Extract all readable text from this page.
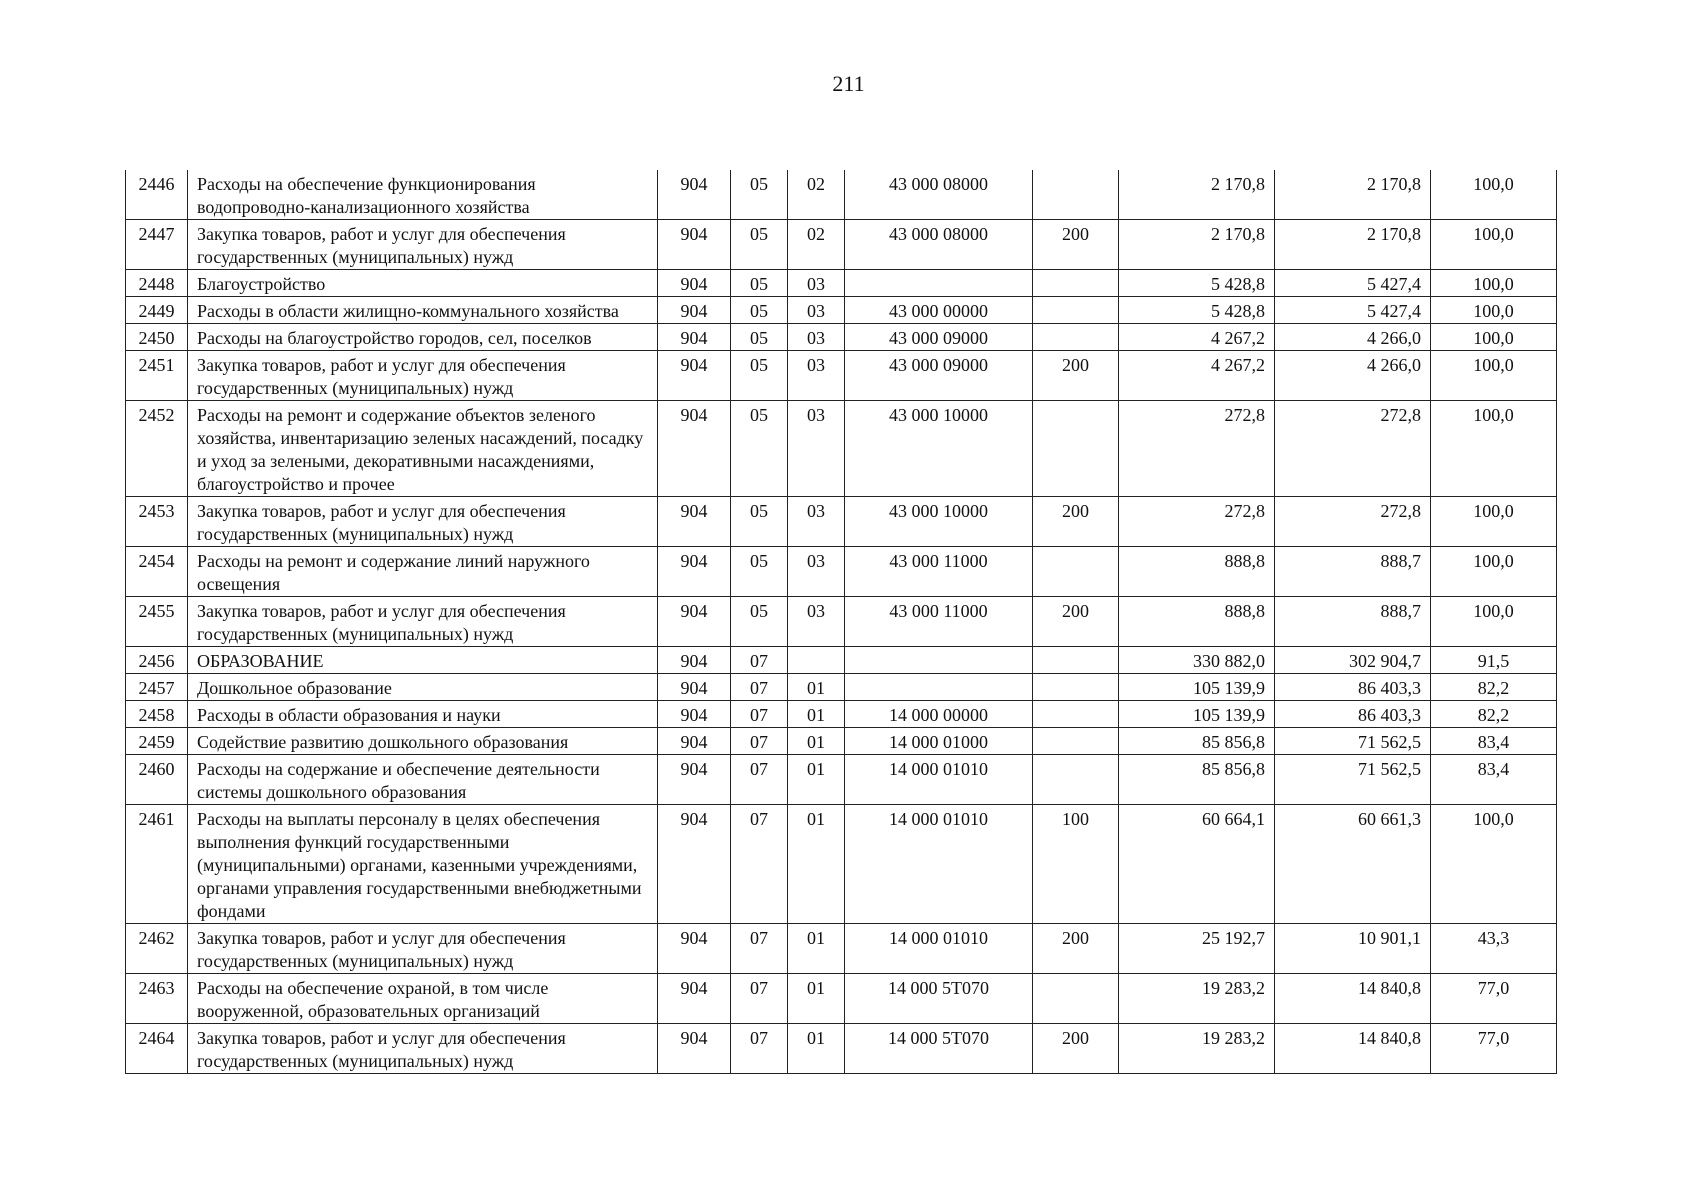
211
2446	Расходы на обеспечение функционирования водопроводно-канализационного хозяйства	904	05	02	43 000 08000		2 170,8	2 170,8	100,0
2447	Закупка товаров, работ и услуг для обеспечения государственных (муниципальных) нужд	904	05	02	43 000 08000	200	2 170,8	2 170,8	100,0
2448	Благоустройство	904	05	03			5 428,8	5 427,4	100,0
2449	Расходы в области жилищно-коммунального хозяйства	904	05	03	43 000 00000		5 428,8	5 427,4	100,0
2450	Расходы на благоустройство городов, сел, поселков	904	05	03	43 000 09000		4 267,2	4 266,0	100,0
2451	Закупка товаров, работ и услуг для обеспечения государственных (муниципальных) нужд	904	05	03	43 000 09000	200	4 267,2	4 266,0	100,0
2452	Расходы на ремонт и содержание объектов зеленого хозяйства, инвентаризацию зеленых насаждений, посадку и уход за зелеными, декоративными насаждениями, благоустройство и прочее	904	05	03	43 000 10000		272,8	272,8	100,0
2453	Закупка товаров, работ и услуг для обеспечения государственных (муниципальных) нужд	904	05	03	43 000 10000	200	272,8	272,8	100,0
2454	Расходы на ремонт и содержание линий наружного освещения	904	05	03	43 000 11000		888,8	888,7	100,0
2455	Закупка товаров, работ и услуг для обеспечения государственных (муниципальных) нужд	904	05	03	43 000 11000	200	888,8	888,7	100,0
2456	ОБРАЗОВАНИЕ	904	07				330 882,0	302 904,7	91,5
2457	Дошкольное образование	904	07	01			105 139,9	86 403,3	82,2
2458	Расходы в области образования и науки	904	07	01	14 000 00000		105 139,9	86 403,3	82,2
2459	Содействие развитию дошкольного образования	904	07	01	14 000 01000		85 856,8	71 562,5	83,4
2460	Расходы на содержание и обеспечение деятельности системы дошкольного образования	904	07	01	14 000 01010		85 856,8	71 562,5	83,4
2461	Расходы на выплаты персоналу в целях обеспечения выполнения функций государственными (муниципальными) органами, казенными учреждениями, органами управления государственными внебюджетными фондами	904	07	01	14 000 01010	100	60 664,1	60 661,3	100,0
2462	Закупка товаров, работ и услуг для обеспечения государственных (муниципальных) нужд	904	07	01	14 000 01010	200	25 192,7	10 901,1	43,3
2463	Расходы на обеспечение охраной, в том числе вооруженной, образовательных организаций	904	07	01	14 000 5Т070		19 283,2	14 840,8	77,0
2464	Закупка товаров, работ и услуг для обеспечения государственных (муниципальных) нужд	904	07	01	14 000 5Т070	200	19 283,2	14 840,8	77,0
